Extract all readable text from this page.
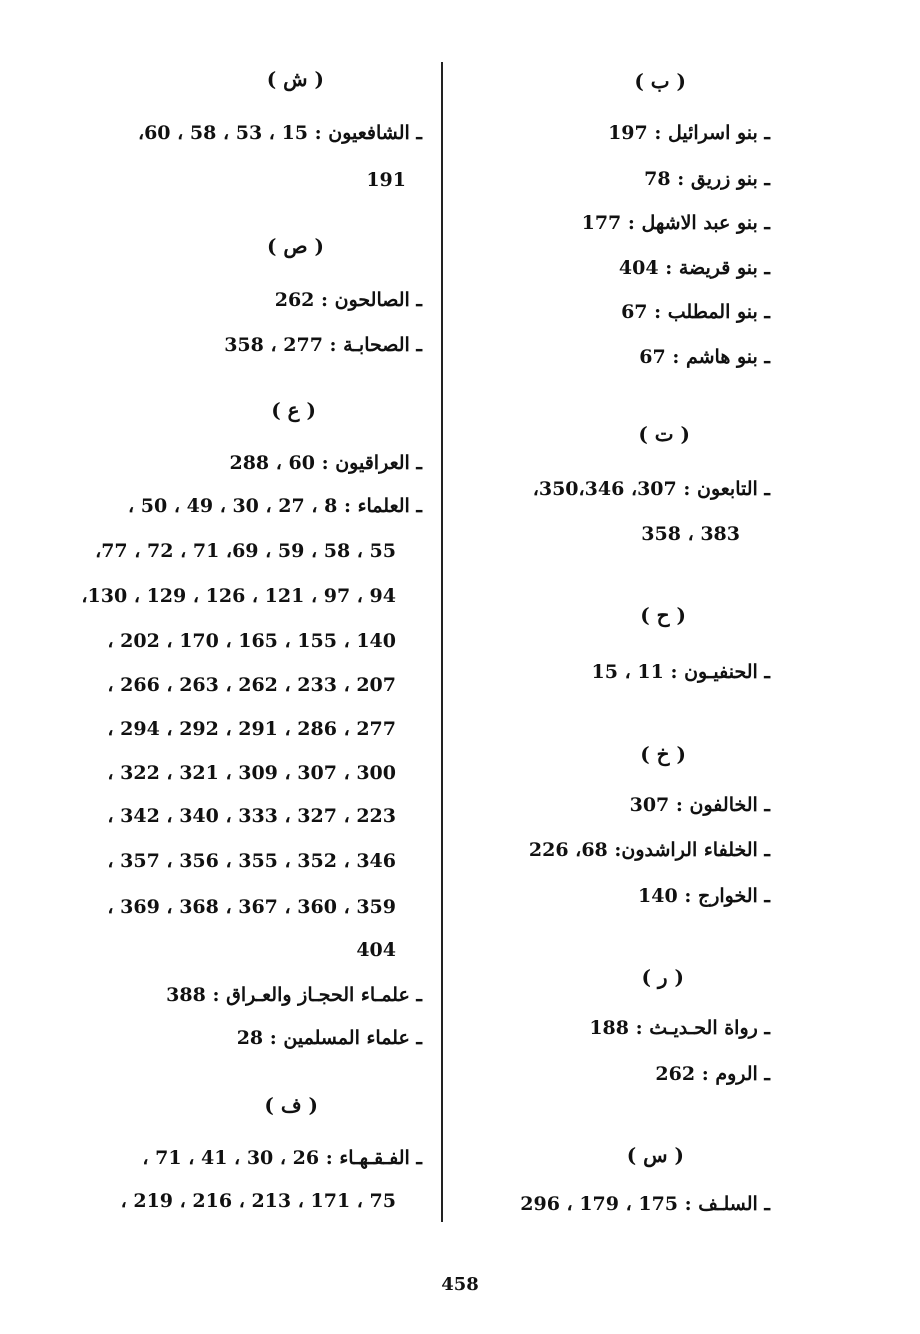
( ب )
ـ بنو اسرائيل : 197
ـ بنو زريق : 78
ـ بنو عبد الاشهل : 177
ـ بنو قريضة : 404
ـ بنو المطلب : 67
ـ بنو هاشم : 67
( ت )
ـ التابعون : 307، 350،346،
383 ، 358
( ح )
ـ الحنفيـون : 11 ، 15
( خ )
ـ الخالفون : 307
ـ الخلفاء الراشدون: 68، 226
ـ الخوارج : 140
( ر )
ـ رواة الحـديـث : 188
ـ الروم : 262
( س )
ـ السلـف : 175 ، 179 ، 296
( ش )
ـ الشافعيون : 15 ، 53 ، 58 ، 60،
191
( ص )
ـ الصالحون : 262
ـ الصحابـة : 277 ، 358
( ع )
ـ العراقيون : 60 ، 288
ـ العلماء : 8 ، 27 ، 30 ، 49 ، 50 ،
55 ، 58 ، 59 ، 69، 71 ، 72 ، 77،
94 ، 97 ، 121 ، 126 ، 129 ، 130،
140 ، 155 ، 165 ، 170 ، 202 ،
207 ، 233 ، 262 ، 263 ، 266 ،
277 ، 286 ، 291 ، 292 ، 294 ،
300 ، 307 ، 309 ، 321 ، 322 ،
223 ، 327 ، 333 ، 340 ، 342 ،
346 ، 352 ، 355 ، 356 ، 357 ،
359 ، 360 ، 367 ، 368 ، 369 ،
404
ـ علمـاء الحجـاز والعـراق : 388
ـ علماء المسلمين : 28
( ف )
ـ الفـقـهـاء : 26 ، 30 ، 41 ، 71 ،
75 ، 171 ، 213 ، 216 ، 219 ،
458
